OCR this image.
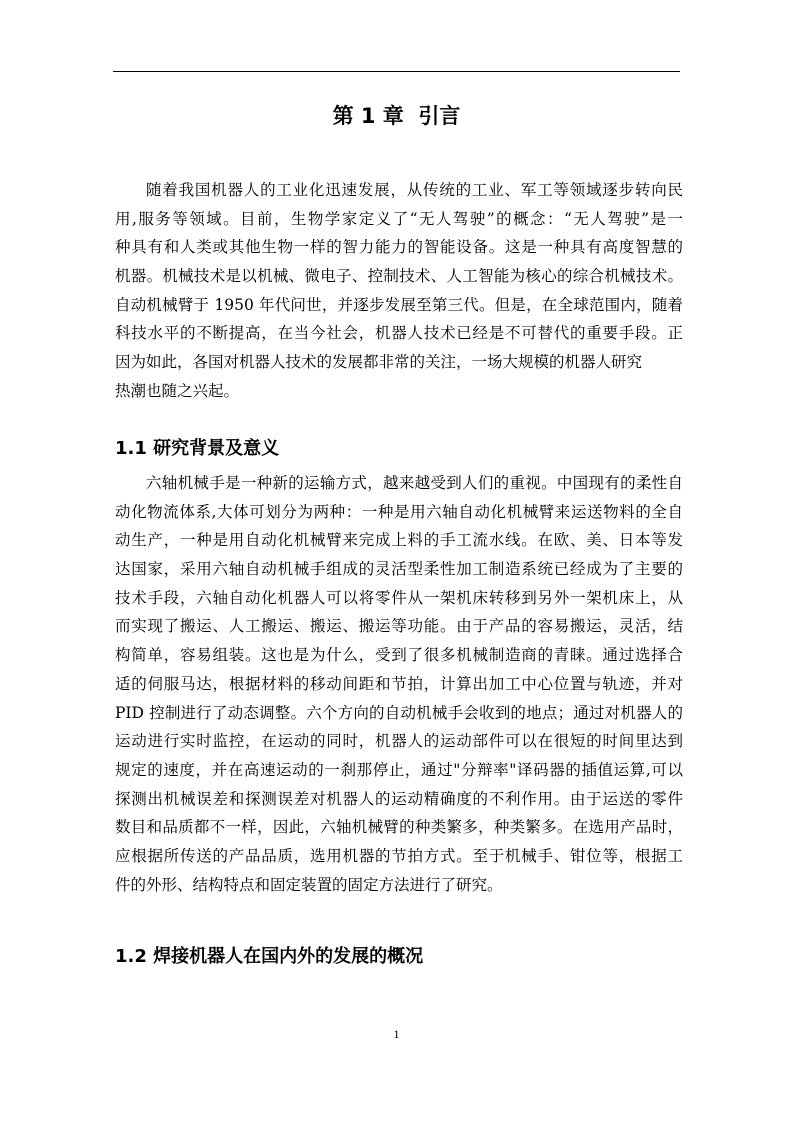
第 1 章  引言
随着我国机器人的工业化迅速发展，从传统的工业、军工等领域逐步转向民
用,服务等领域。目前，生物学家定义了“无人驾驶”的概念：“无人驾驶”是一
种具有和人类或其他生物一样的智力能力的智能设备。这是一种具有高度智慧的
机器。机械技术是以机械、微电子、控制技术、人工智能为核心的综合机械技术。
自动机械臂于 1950 年代问世，并逐步发展至第三代。但是，在全球范围内，随着
科技水平的不断提高，在当今社会，机器人技术已经是不可替代的重要手段。正
因为如此，各国对机器人技术的发展都非常的关注，一场大规模的机器人研究
热潮也随之兴起。
1.1 研究背景及意义
六轴机械手是一种新的运输方式，越来越受到人们的重视。中国现有的柔性自
动化物流体系,大体可划分为两种：一种是用六轴自动化机械臂来运送物料的全自
动生产，一种是用自动化机械臂来完成上料的手工流水线。在欧、美、日本等发
达国家，采用六轴自动机械手组成的灵活型柔性加工制造系统已经成为了主要的
技术手段，六轴自动化机器人可以将零件从一架机床转移到另外一架机床上，从
而实现了搬运、人工搬运、搬运、搬运等功能。由于产品的容易搬运，灵活，结
构简单，容易组装。这也是为什么，受到了很多机械制造商的青睐。通过选择合
适的伺服马达，根据材料的移动间距和节拍，计算出加工中心位置与轨迹，并对
PID 控制进行了动态调整。六个方向的自动机械手会收到的地点；通过对机器人的
运动进行实时监控，在运动的同时，机器人的运动部件可以在很短的时间里达到
规定的速度，并在高速运动的一刹那停止，通过"分辩率"译码器的插值运算,可以
探测出机械误差和探测误差对机器人的运动精确度的不利作用。由于运送的零件
数目和品质都不一样，因此，六轴机械臂的种类繁多，种类繁多。在选用产品时，
应根据所传送的产品品质，选用机器的节拍方式。至于机械手、钳位等，根据工
件的外形、结构特点和固定装置的固定方法进行了研究。
1.2 焊接机器人在国内外的发展的概况
1
